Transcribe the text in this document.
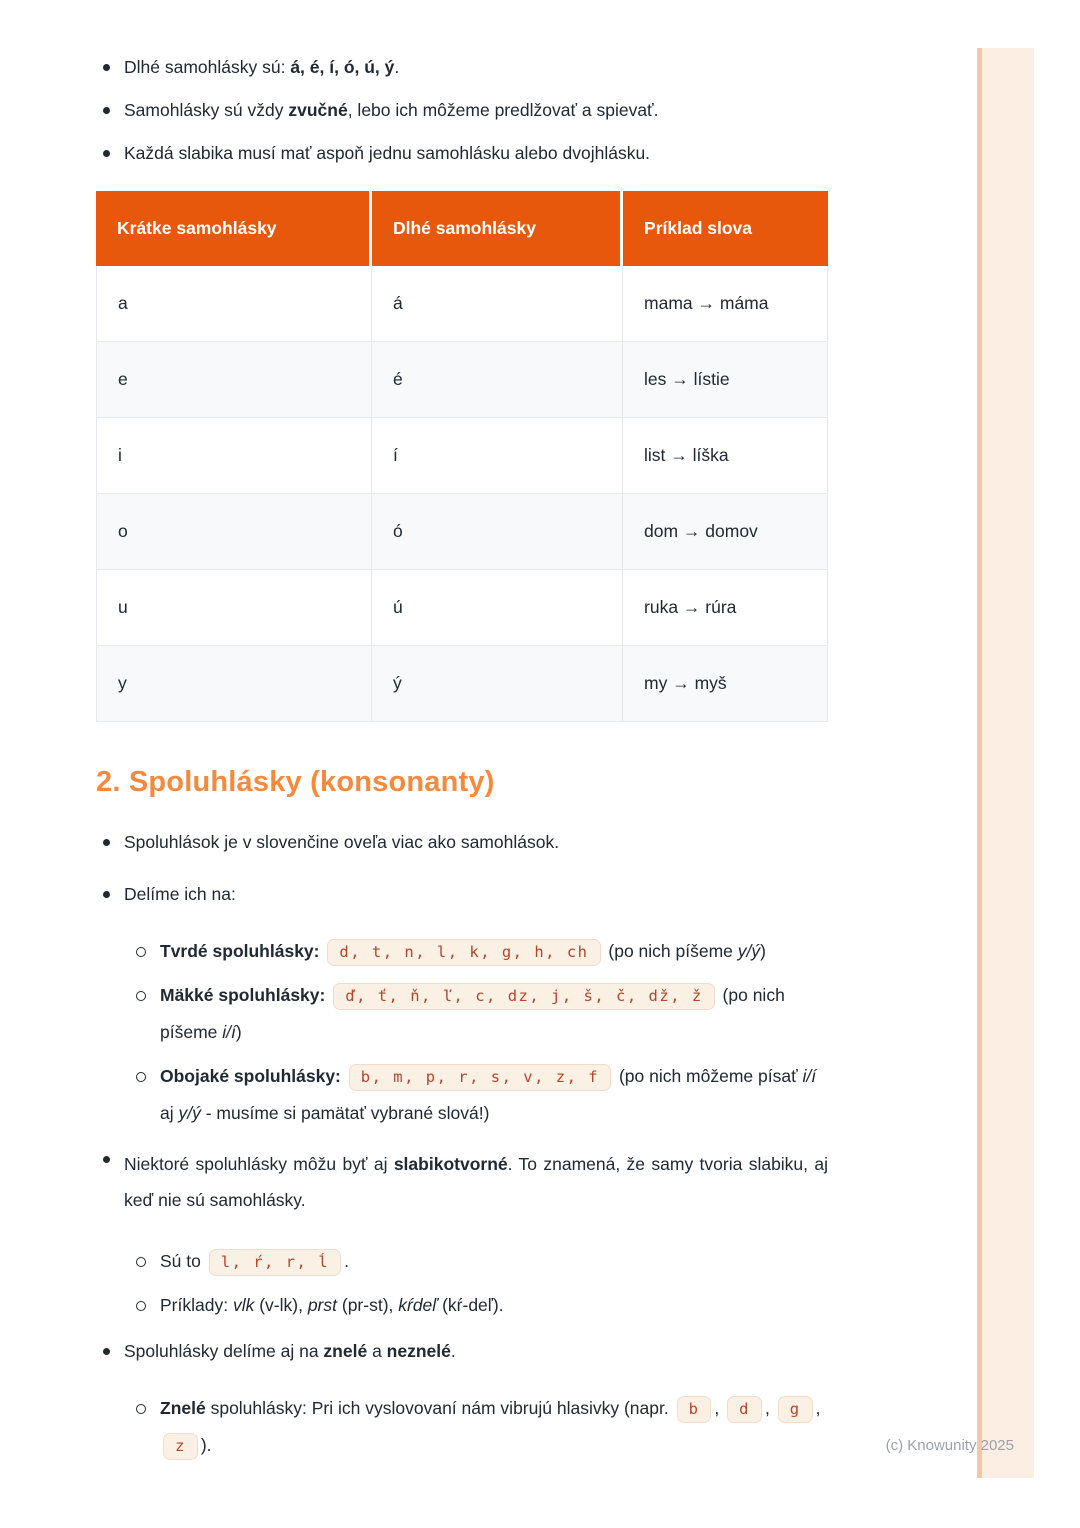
Dlhé samohlásky sú: á, é, í, ó, ú, ý.
Samohlásky sú vždy zvučné, lebo ich môžeme predlžovať a spievať.
Každá slabika musí mať aspoň jednu samohlásku alebo dvojhlásku.
Krátke samohlásky	Dlhé samohlásky	Príklad slova
a	á	mama → máma
e	é	les → lístie
i	í	list → líška
o	ó	dom → domov
u	ú	ruka → rúra
y	ý	my → myš
2. Spoluhlásky (konsonanty)
Spoluhlások je v slovenčine oveľa viac ako samohlások.
Delíme ich na:
Tvrdé spoluhlásky: d, t, n, l, k, g, h, ch (po nich píšeme y/ý)
Mäkké spoluhlásky: ď, ť, ň, ľ, c, dz, j, š, č, dž, ž (po nich píšeme i/í)
Obojaké spoluhlásky: b, m, p, r, s, v, z, f (po nich môžeme písať i/í aj y/ý - musíme si pamätať vybrané slová!)
Niektoré spoluhlásky môžu byť aj slabikotvorné. To znamená, že samy tvoria slabiku, aj keď nie sú samohlásky.
Sú to l, ŕ, r, ĺ .
Príklady: vlk (v-lk), prst (pr-st), kŕdeľ (kŕ-deľ).
Spoluhlásky delíme aj na znelé a neznelé.
Znelé spoluhlásky: Pri ich vyslovovaní nám vibrujú hlasivky (napr. b , d , g , z ).	(c) Knowunity 2025
